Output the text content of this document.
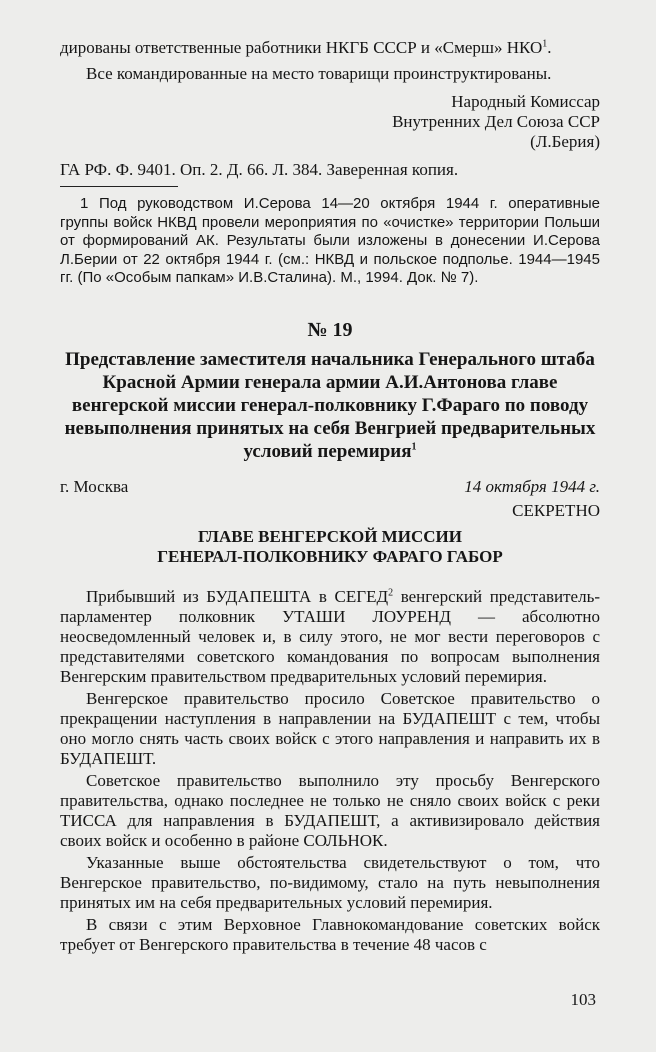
дированы ответственные работники НКГБ СССР и «Смерш» НКО$^1$.

Все командированные на место товарищи проинструктированы.

Народный Комиссар
Внутренних Дел Союза ССР
(Л.Берия)
ГА РФ. Ф. 9401. Оп. 2. Д. 66. Л. 384. Заверенная копия.

1 Под руководством И.Серова 14—20 октября 1944 г. оперативные группы войск НКВД провели мероприятия по «очистке» территории Польши от формирований АК. Результаты были изложены в донесении И.Серова Л.Берии от 22 октября 1944 г. (см.: НКВД и польское подполье. 1944—1945 гг. (По «Особым папкам» И.В.Сталина). М., 1994. Док. № 7).

№ 19
Представление заместителя начальника Генерального штаба Красной Армии генерала армии А.И.Антонова главе венгерской миссии генерал-полковнику Г.Фараго по поводу невыполнения принятых на себя Венгрией предварительных условий перемирия$^1$
г. Москва	14 октября 1944 г.
СЕКРЕТНО
ГЛАВЕ ВЕНГЕРСКОЙ МИССИИ
ГЕНЕРАЛ-ПОЛКОВНИКУ ФАРАГО ГАБОР

Прибывший из БУДАПЕШТА в СЕГЕД$^2$ венгерский представитель-парламентер полковник УТАШИ ЛОУРЕНД — абсолютно неосведомленный человек и, в силу этого, не мог вести переговоров с представителями советского командования по вопросам выполнения Венгерским правительством предварительных условий перемирия.

Венгерское правительство просило Советское правительство о прекращении наступления в направлении на БУДАПЕШТ с тем, чтобы оно могло снять часть своих войск с этого направления и направить их в БУДАПЕШТ.

Советское правительство выполнило эту просьбу Венгерского правительства, однако последнее не только не сняло своих войск с реки ТИССА для направления в БУДАПЕШТ, а активизировало действия своих войск и особенно в районе СОЛЬНОК.

Указанные выше обстоятельства свидетельствуют о том, что Венгерское правительство, по-видимому, стало на путь невыполнения принятых им на себя предварительных условий перемирия.

В связи с этим Верховное Главнокомандование советских войск требует от Венгерского правительства в течение 48 часов с

103
